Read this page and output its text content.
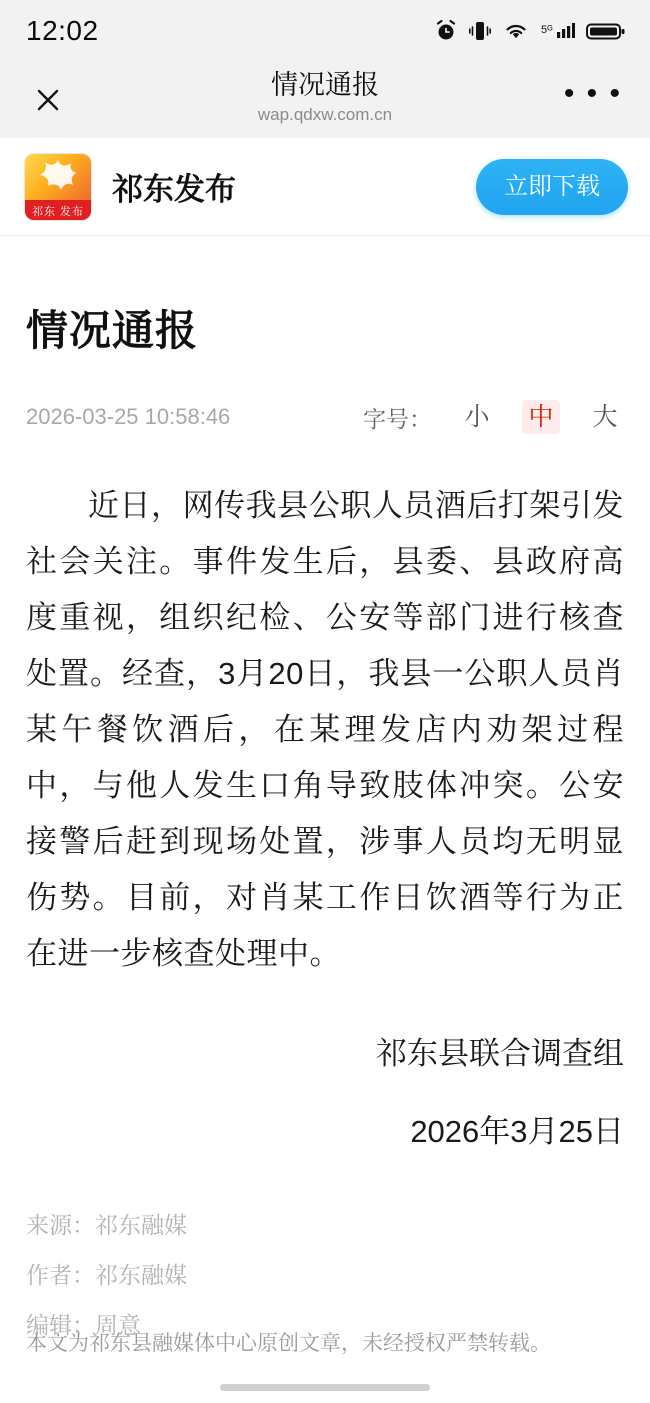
12:02	5ᴳ
情况通报
wap.qdxw.com.cn
• • •
祁东 发布
祁东发布	立即下载
情况通报
2026-03-25 10:58:46	字号： 小 中 大
近日，网传我县公职人员酒后打架引发社会关注。事件发生后，县委、县政府高度重视，组织纪检、公安等部门进行核查处置。经查，3月20日，我县一公职人员肖某午餐饮酒后，在某理发店内劝架过程中，与他人发生口角导致肢体冲突。公安接警后赶到现场处置，涉事人员均无明显伤势。目前，对肖某工作日饮酒等行为正在进一步核查处理中。
祁东县联合调查组
2026年3月25日
来源：祁东融媒
作者：祁东融媒
编辑：周意
本文为祁东县融媒体中心原创文章，未经授权严禁转载。
